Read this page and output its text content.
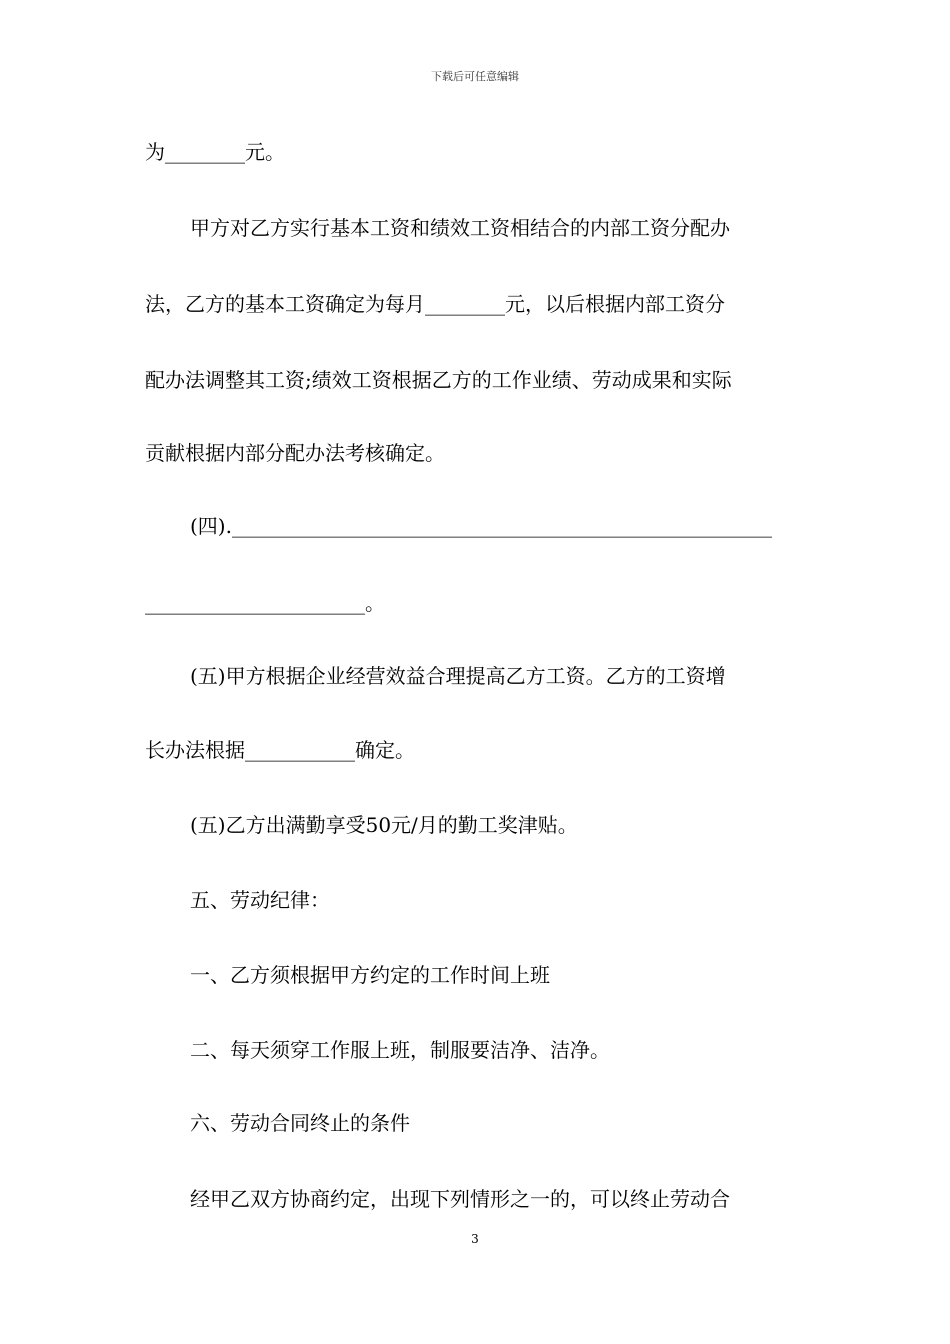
下载后可任意编辑
为________元。
甲方对乙方实行基本工资和绩效工资相结合的内部工资分配办
法，乙方的基本工资确定为每月________元，以后根据内部工资分
配办法调整其工资;绩效工资根据乙方的工作业绩、劳动成果和实际
贡献根据内部分配办法考核确定。
(四).______________________________________________________
______________________。
(五)甲方根据企业经营效益合理提高乙方工资。乙方的工资增
长办法根据___________确定。
(五)乙方出满勤享受50元/月的勤工奖津贴。
五、劳动纪律：
一、乙方须根据甲方约定的工作时间上班
二、每天须穿工作服上班，制服要洁净、洁净。
六、劳动合同终止的条件
经甲乙双方协商约定，出现下列情形之一的，可以终止劳动合
3
